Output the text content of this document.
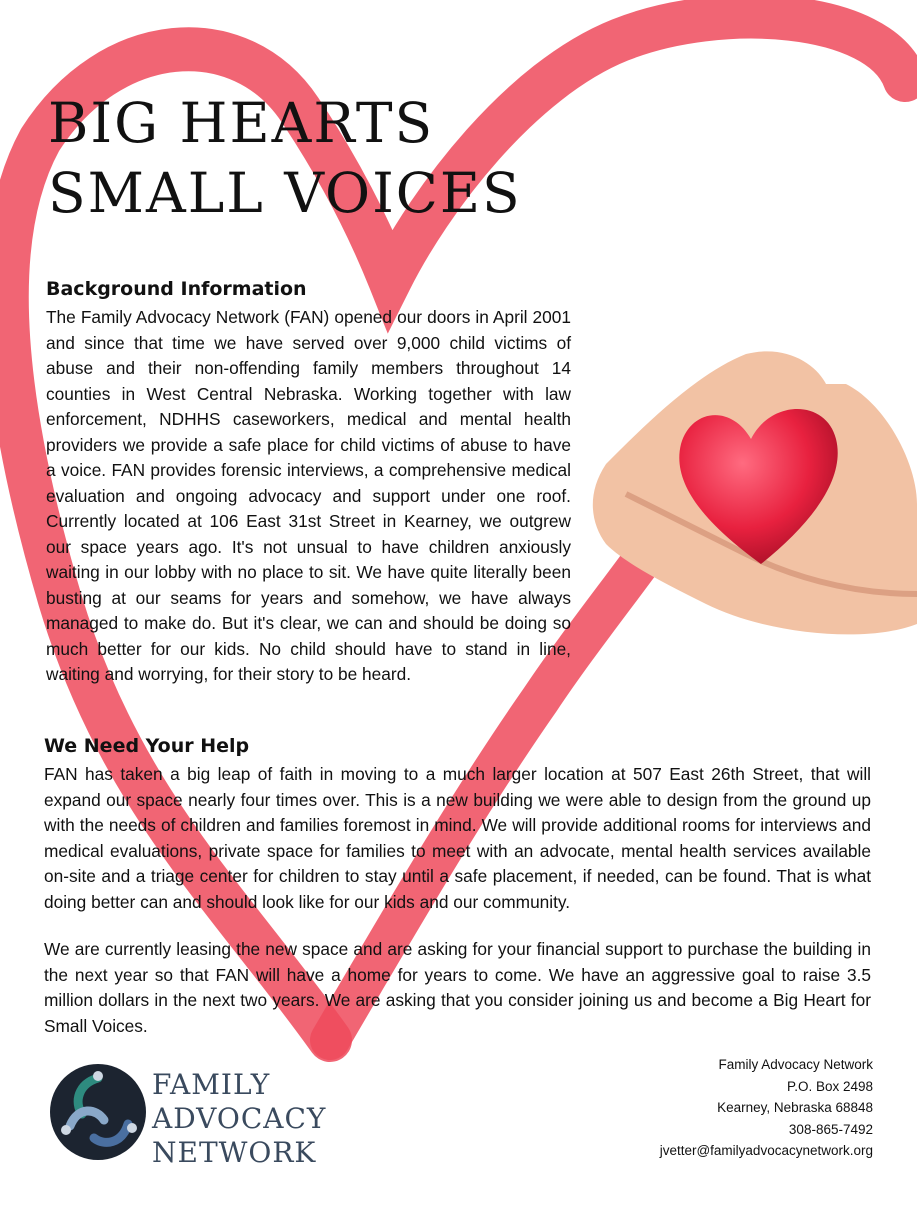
BIG HEARTS
SMALL VOICES
Background Information

The Family Advocacy Network (FAN) opened our doors in April 2001 and since that time we have served over 9,000 child victims of abuse and their non-offending family members throughout 14 counties in West Central Nebraska. Working together with law enforcement, NDHHS caseworkers, medical and mental health providers we provide a safe place for child victims of abuse to have a voice. FAN provides forensic interviews, a comprehensive medical evaluation and ongoing advocacy and support under one roof. Currently located at 106 East 31st Street in Kearney, we outgrew our space years ago. It's not unsual to have children anxiously waiting in our lobby with no place to sit. We have quite literally been busting at our seams for years and somehow, we have always managed to make do. But it's clear, we can and should be doing so much better for our kids. No child should have to stand in line, waiting and worrying, for their story to be heard.

We Need Your Help

FAN has taken a big leap of faith in moving to a much larger location at 507 East 26th Street, that will expand our space nearly four times over. This is a new building we were able to design from the ground up with the needs of children and families foremost in mind. We will provide additional rooms for interviews and medical evaluations, private space for families to meet with an advocate, mental health services available on-site and a triage center for children to stay until a safe placement, if needed, can be found. That is what doing better can and should look like for our kids and our community.

We are currently leasing the new space and are asking for your financial support to purchase the building in the next year so that FAN will have a home for years to come. We have an aggressive goal to raise 3.5 million dollars in the next two years. We are asking that you consider joining us and become a Big Heart for Small Voices.

FAMILY
ADVOCACY
NETWORK
Family Advocacy Network
P.O. Box 2498
Kearney, Nebraska 68848
308-865-7492
jvetter@familyadvocacynetwork.org
